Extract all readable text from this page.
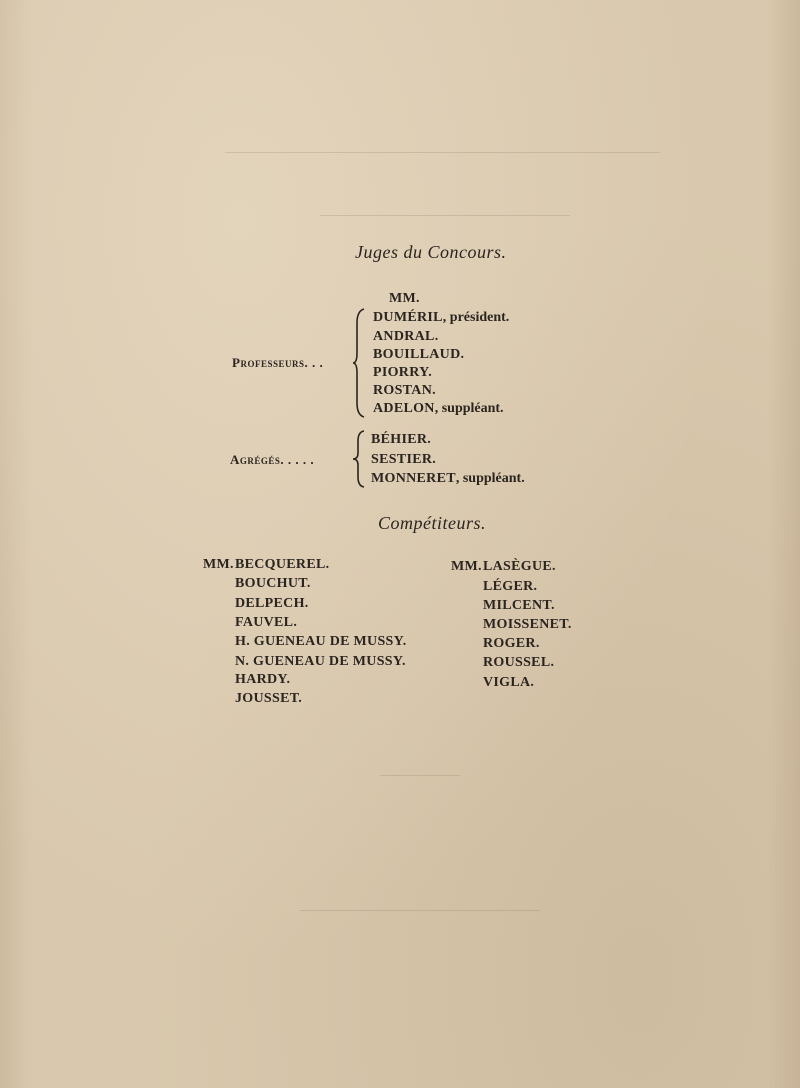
Juges du Concours.
MM.
Professeurs. . .
DUMÉRIL, président.
ANDRAL.
BOUILLAUD.
PIORRY.
ROSTAN.
ADELON, suppléant.
Agrégés. . . . .
BÉHIER.
SESTIER.
MONNERET, suppléant.
Compétiteurs.
MM. BECQUEREL.
BOUCHUT.
DELPECH.
FAUVEL.
H. GUENEAU DE MUSSY.
N. GUENEAU DE MUSSY.
HARDY.
JOUSSET.
MM. LASÈGUE.
LÉGER.
MILCENT.
MOISSENET.
ROGER.
ROUSSEL.
VIGLA.
